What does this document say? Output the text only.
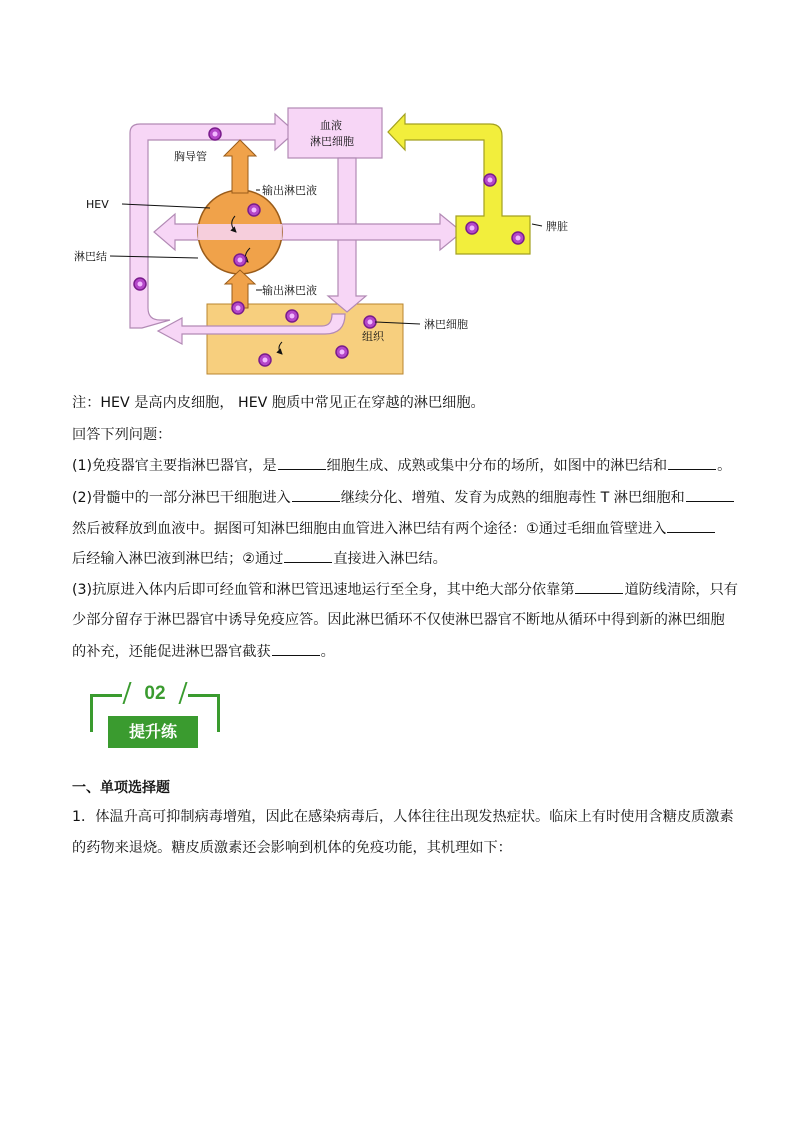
血液
淋巴细胞
胸导管
输出淋巴液
HEV
淋巴结
输出淋巴液
脾脏
淋巴细胞
组织
注：HEV 是高内皮细胞， HEV 胞质中常见正在穿越的淋巴细胞。
回答下列问题：
(1)免疫器官主要指淋巴器官，是	细胞生成、成熟或集中分布的场所，如图中的淋巴结和	。
(2)骨髓中的一部分淋巴干细胞进入	继续分化、增殖、发育为成熟的细胞毒性 T 淋巴细胞和
然后被释放到血液中。据图可知淋巴细胞由血管进入淋巴结有两个途径：①通过毛细血管壁进入
后经输入淋巴液到淋巴结；②通过	直接进入淋巴结。
(3)抗原进入体内后即可经血管和淋巴管迅速地运行至全身，其中绝大部分依靠第	道防线清除，只有
少部分留存于淋巴器官中诱导免疫应答。因此淋巴循环不仅使淋巴器官不断地从循环中得到新的淋巴细胞
的补充，还能促进淋巴器官截获	。
02
提升练
一、单项选择题
1．体温升高可抑制病毒增殖，因此在感染病毒后，人体往往出现发热症状。临床上有时使用含糖皮质激素
的药物来退烧。糖皮质激素还会影响到机体的免疫功能，其机理如下：
